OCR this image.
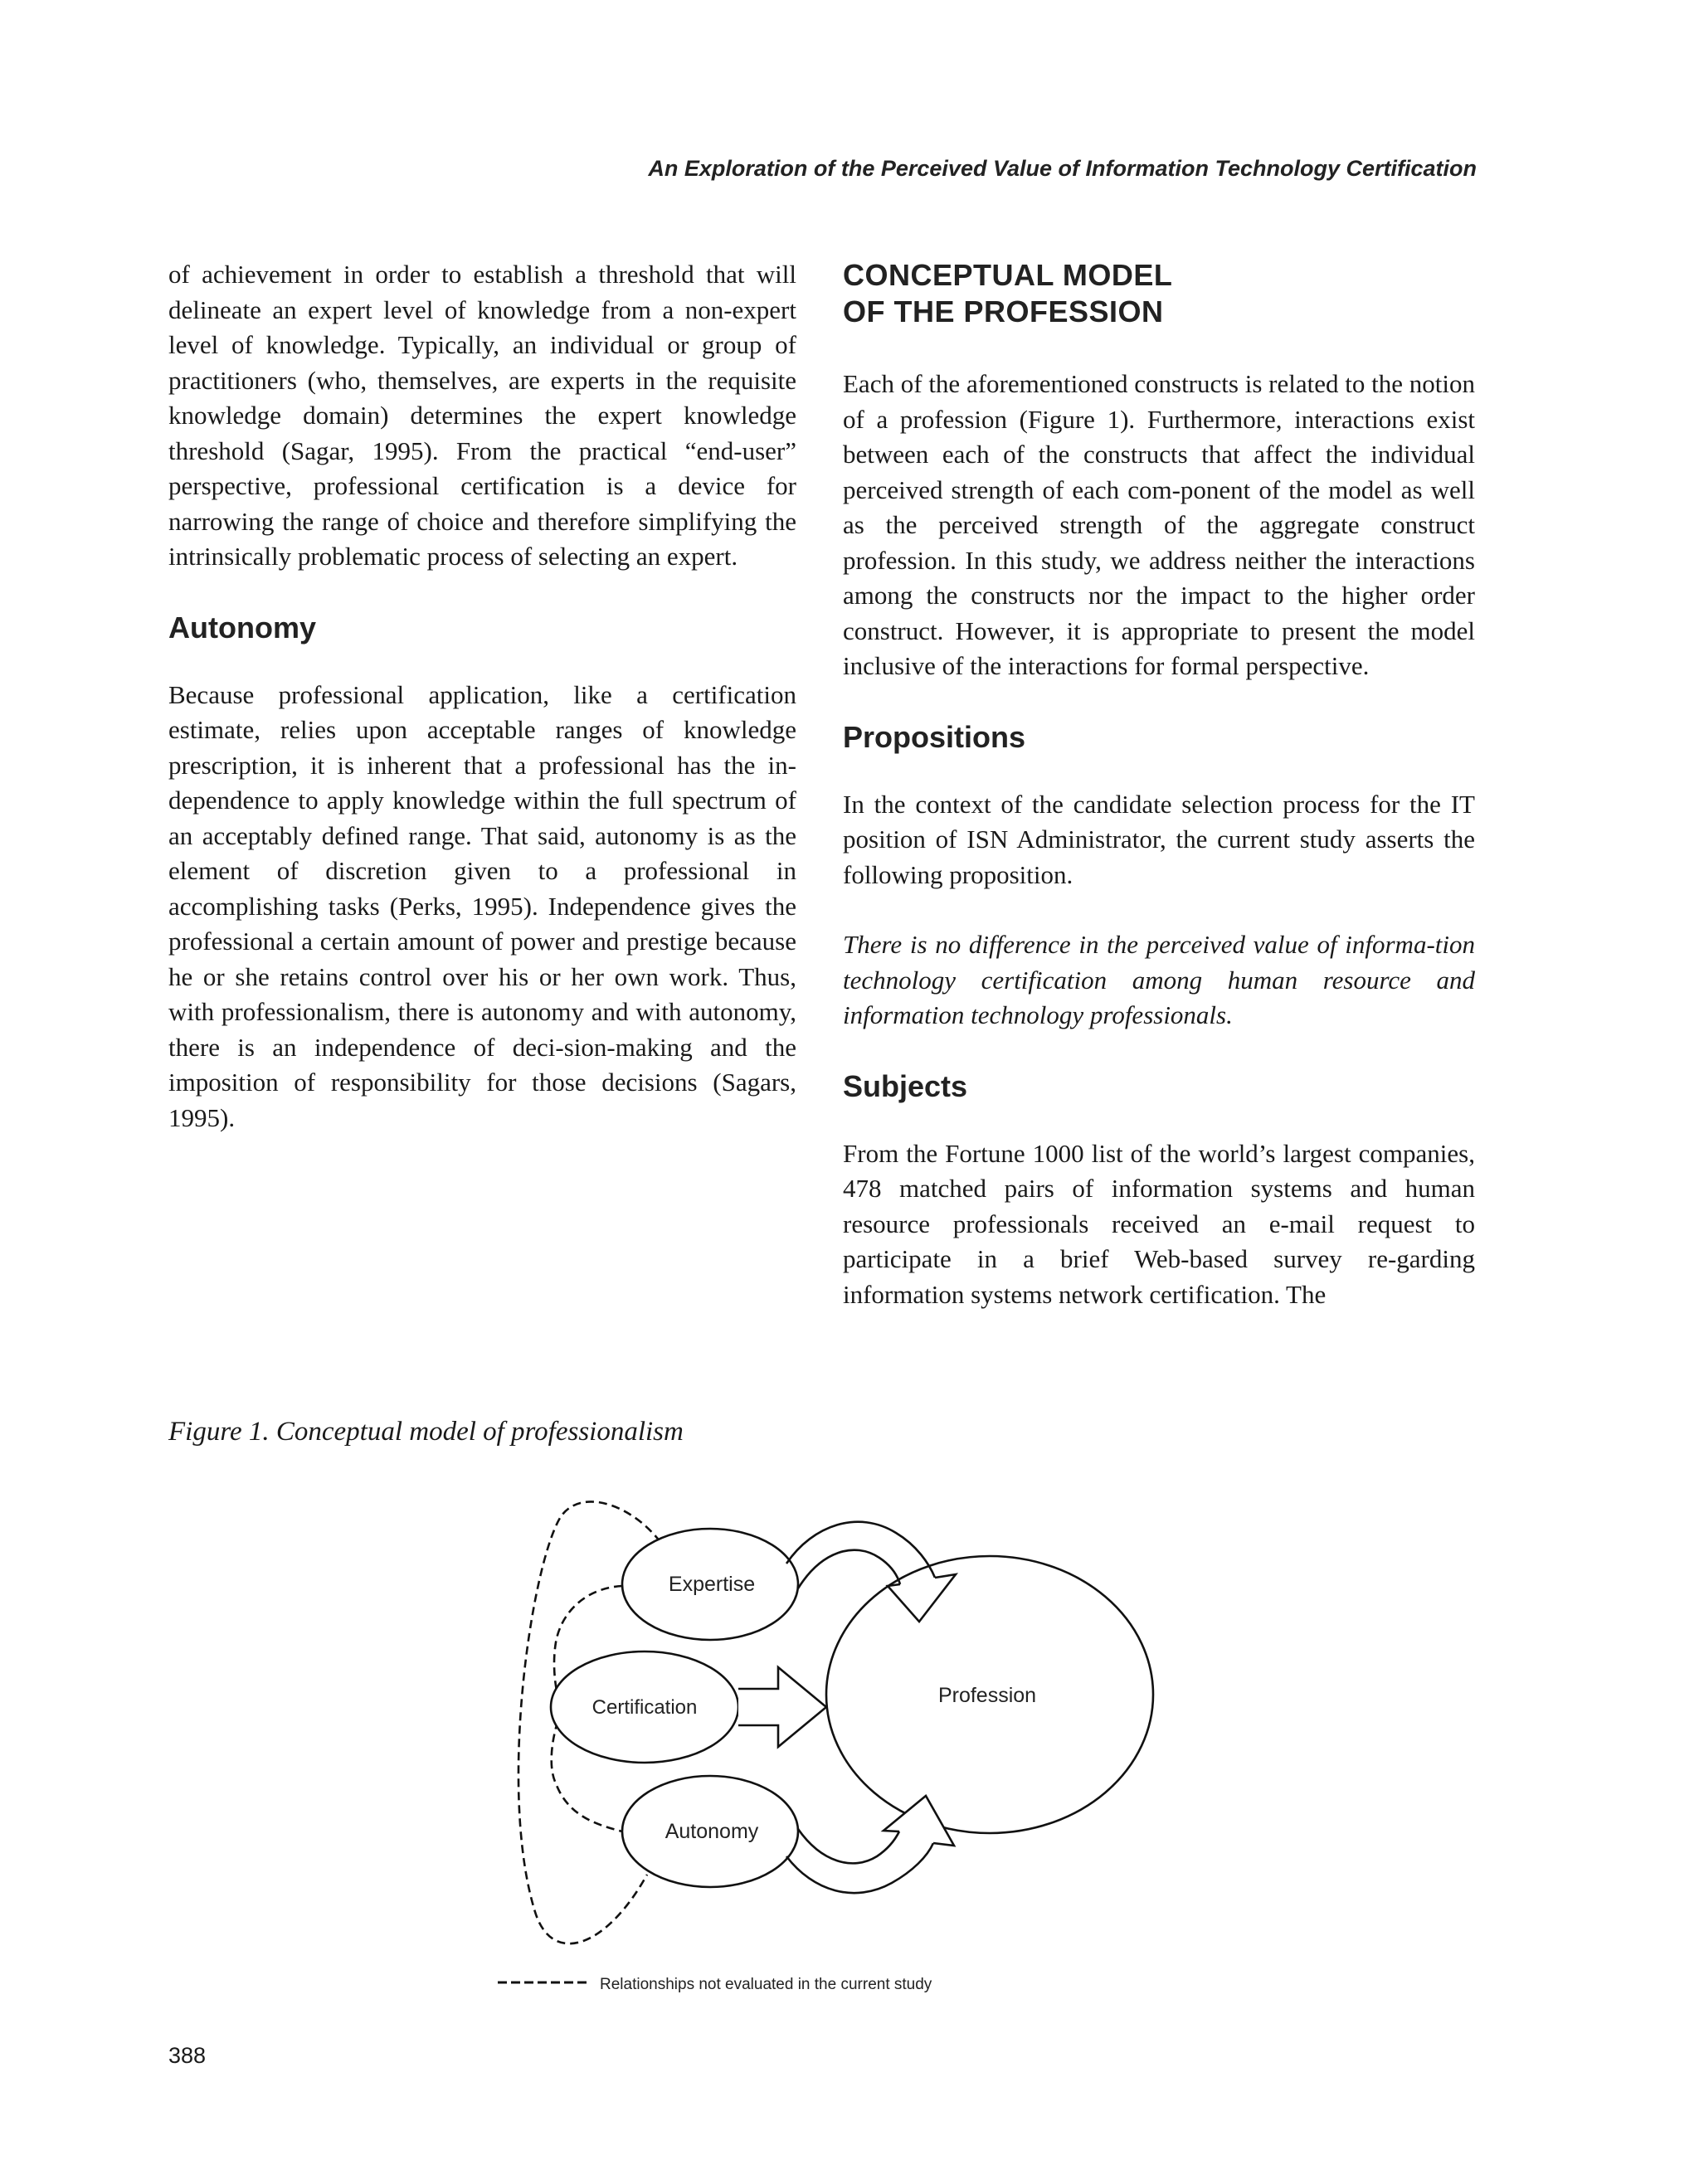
An Exploration of the Perceived Value of Information Technology Certification

of achievement in order to establish a threshold that will delineate an expert level of knowledge from a non-expert level of knowledge. Typically, an individual or group of practitioners (who, themselves, are experts in the requisite knowledge domain) determines the expert knowledge threshold (Sagar, 1995). From the practical “end-user” perspective, professional certification is a device for narrowing the range of choice and therefore simplifying the intrinsically problematic process of selecting an expert.

Autonomy

Because professional application, like a certification estimate, relies upon acceptable ranges of knowledge prescription, it is inherent that a professional has the in-dependence to apply knowledge within the full spectrum of an acceptably defined range. That said, autonomy is as the element of discretion given to a professional in accomplishing tasks (Perks, 1995). Independence gives the professional a certain amount of power and prestige because he or she retains control over his or her own work. Thus, with professionalism, there is autonomy and with autonomy, there is an independence of deci-sion-making and the imposition of responsibility for those decisions (Sagars, 1995).

CONCEPTUAL MODEL
OF THE PROFESSION

Each of the aforementioned constructs is related to the notion of a profession (Figure 1). Furthermore, interactions exist between each of the constructs that affect the individual perceived strength of each com-ponent of the model as well as the perceived strength of the aggregate construct profession. In this study, we address neither the interactions among the constructs nor the impact to the higher order construct. However, it is appropriate to present the model inclusive of the interactions for formal perspective.

Propositions

In the context of the candidate selection process for the IT position of ISN Administrator, the current study asserts the following proposition.

There is no difference in the perceived value of informa-tion technology certification among human resource and information technology professionals.

Subjects

From the Fortune 1000 list of the world’s largest companies, 478 matched pairs of information systems and human resource professionals received an e-mail request to participate in a brief Web-based survey re-garding information systems network certification. The

Figure 1. Conceptual model of professionalism
Expertise
Certification
Autonomy
Profession
Relationships not evaluated in the current study
388
